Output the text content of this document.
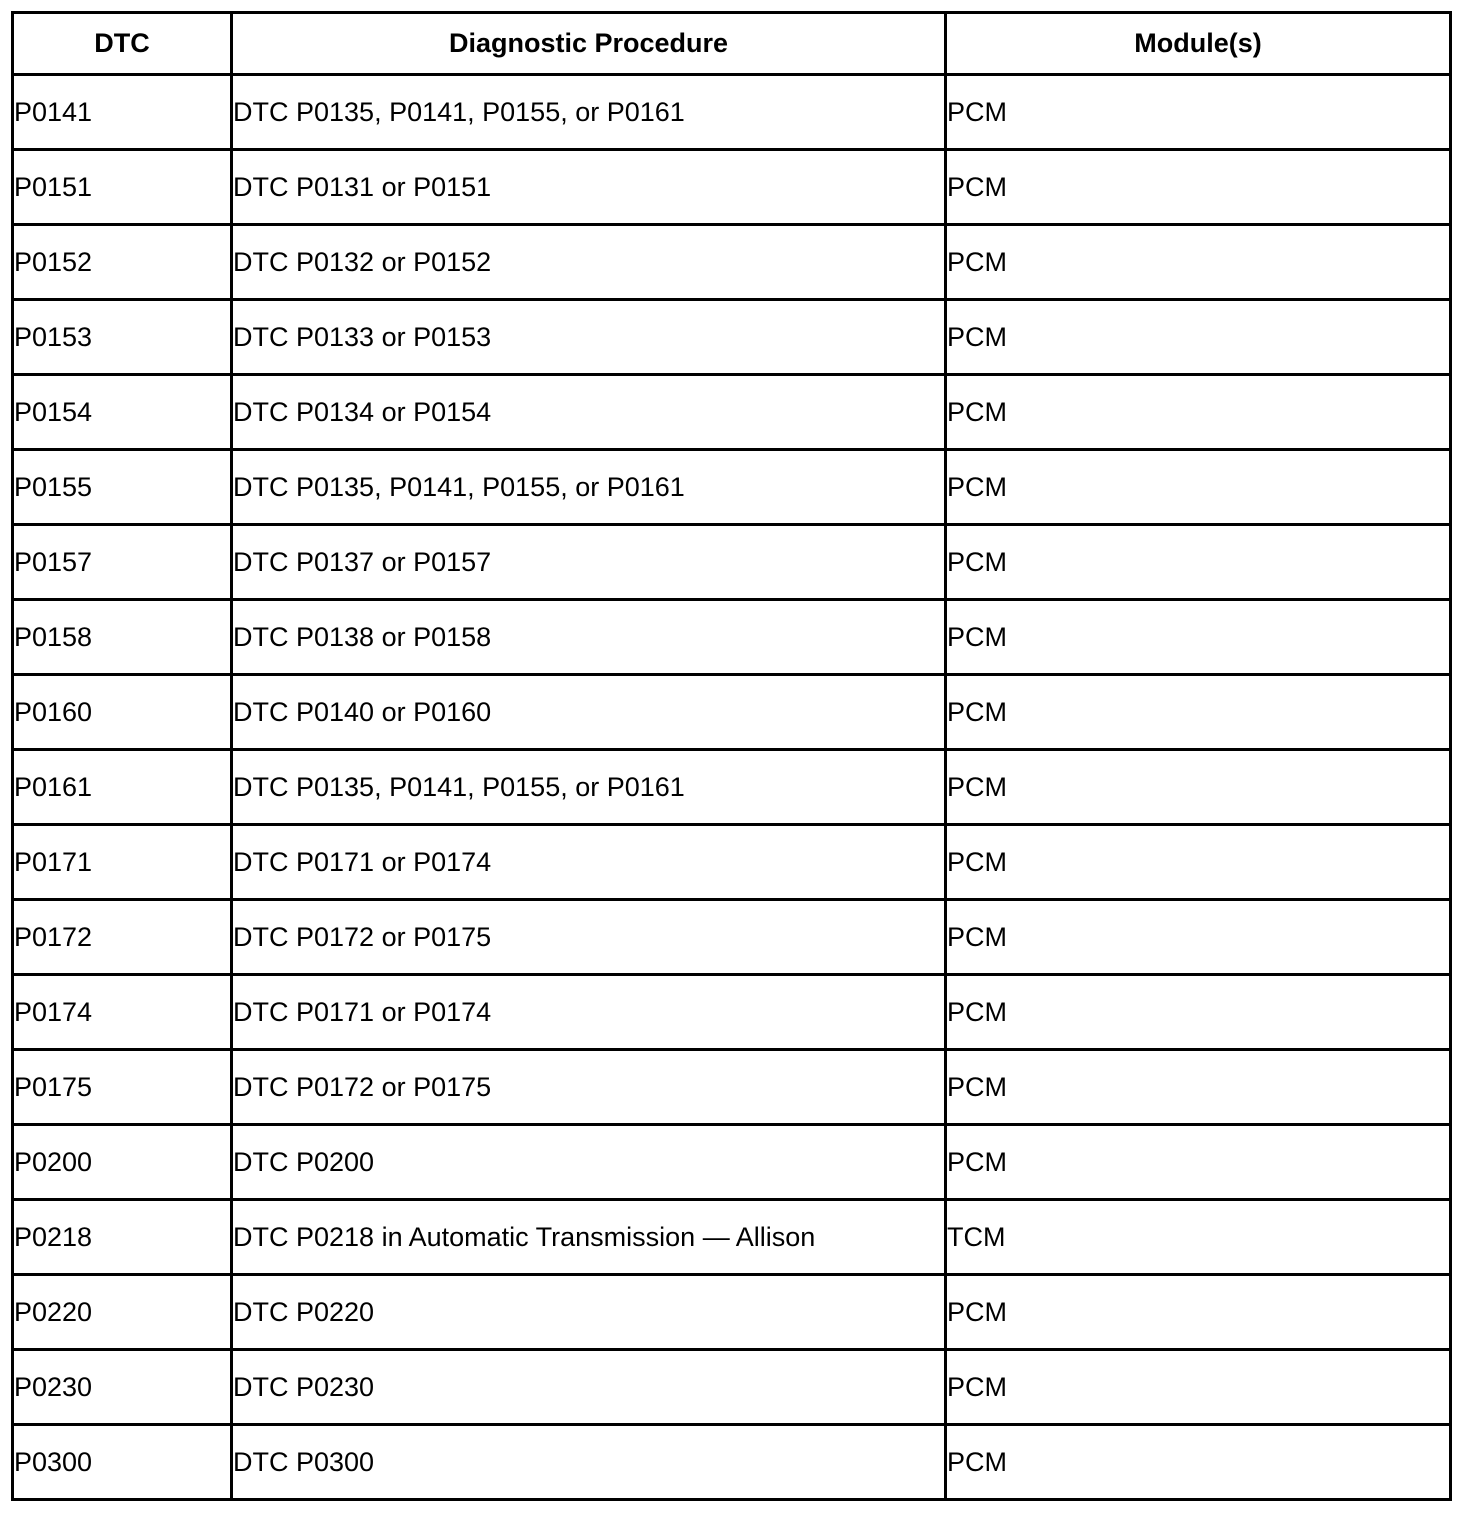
DTC	Diagnostic Procedure	Module(s)
P0141	DTC P0135, P0141, P0155, or P0161	PCM
P0151	DTC P0131 or P0151	PCM
P0152	DTC P0132 or P0152	PCM
P0153	DTC P0133 or P0153	PCM
P0154	DTC P0134 or P0154	PCM
P0155	DTC P0135, P0141, P0155, or P0161	PCM
P0157	DTC P0137 or P0157	PCM
P0158	DTC P0138 or P0158	PCM
P0160	DTC P0140 or P0160	PCM
P0161	DTC P0135, P0141, P0155, or P0161	PCM
P0171	DTC P0171 or P0174	PCM
P0172	DTC P0172 or P0175	PCM
P0174	DTC P0171 or P0174	PCM
P0175	DTC P0172 or P0175	PCM
P0200	DTC P0200	PCM
P0218	DTC P0218 in Automatic Transmission — Allison	TCM
P0220	DTC P0220	PCM
P0230	DTC P0230	PCM
P0300	DTC P0300	PCM
